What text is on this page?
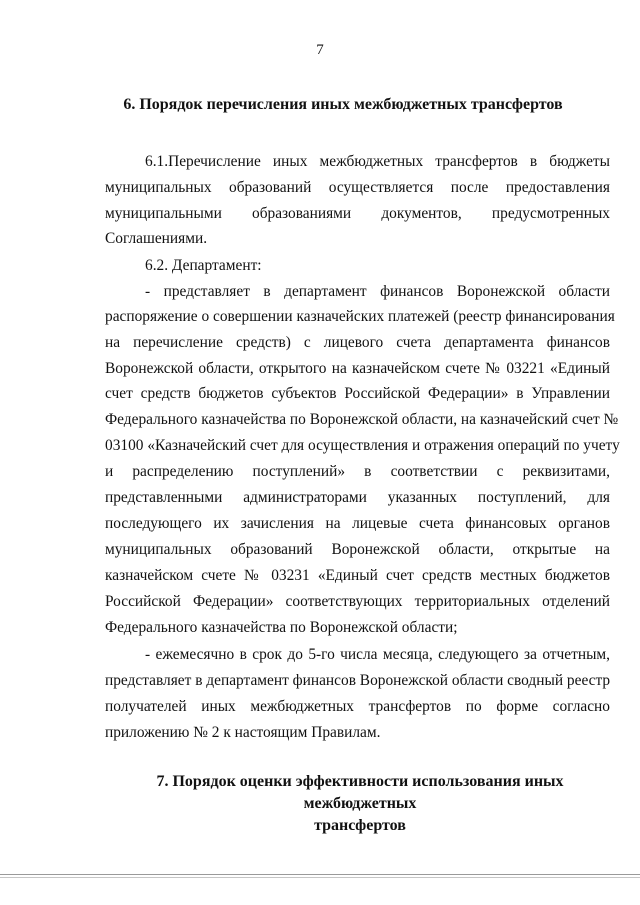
7
6. Порядок перечисления иных межбюджетных трансфертов
6.1.Перечисление иных межбюджетных трансфертов в бюджеты
муниципальных образований осуществляется после предоставления
муниципальными образованиями документов, предусмотренных
Соглашениями.
6.2. Департамент:
- представляет в департамент финансов Воронежской области
распоряжение о совершении казначейских платежей (реестр финансирования
на перечисление средств) с лицевого счета департамента финансов
Воронежской области, открытого на казначейском счете № 03221 «Единый
счет средств бюджетов субъектов Российской Федерации» в Управлении
Федерального казначейства по Воронежской области, на казначейский счет №
03100 «Казначейский счет для осуществления и отражения операций по учету
и распределению поступлений» в соответствии с реквизитами,
представленными администраторами указанных поступлений, для
последующего их зачисления на лицевые счета финансовых органов
муниципальных образований Воронежской области, открытые на
казначейском счете № 03231 «Единый счет средств местных бюджетов
Российской Федерации» соответствующих территориальных отделений
Федерального казначейства по Воронежской области;
- ежемесячно в срок до 5-го числа месяца, следующего за отчетным,
представляет в департамент финансов Воронежской области сводный реестр
получателей иных межбюджетных трансфертов по форме согласно
приложению № 2 к настоящим Правилам.
7. Порядок оценки эффективности использования иных межбюджетных
трансфертов
